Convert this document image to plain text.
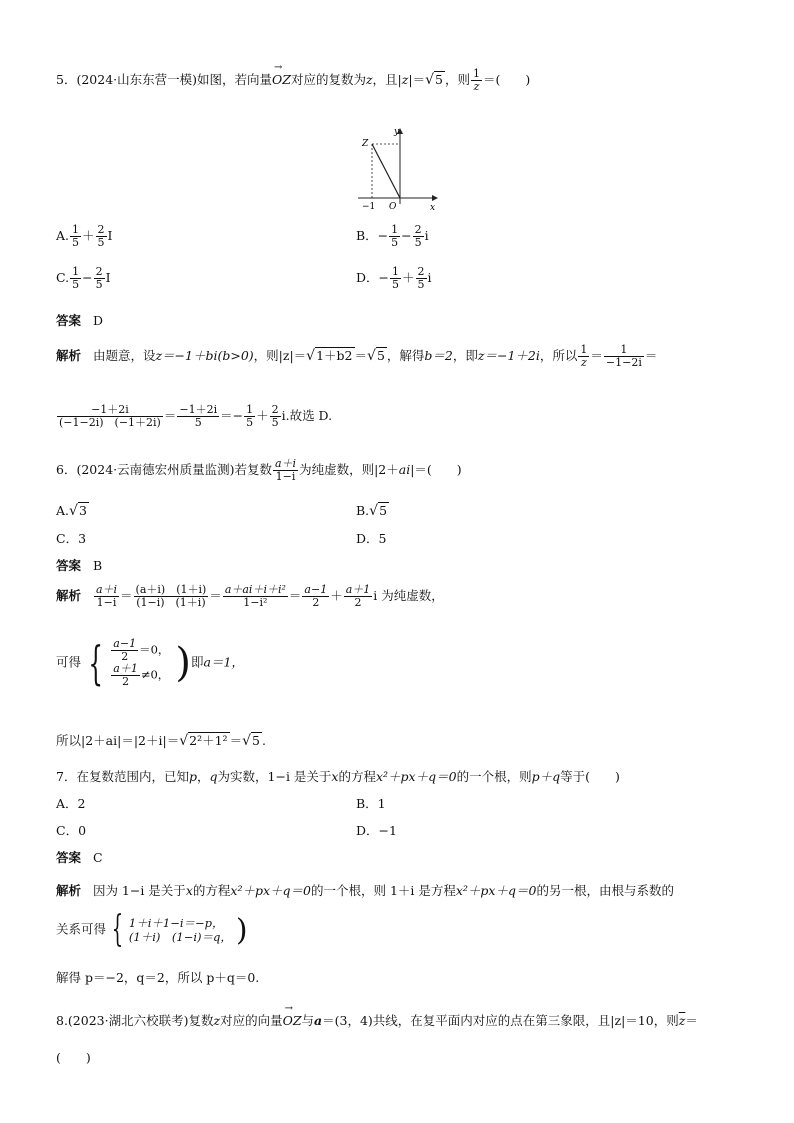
5．(2024·山东东营一模)如图，若向量
→
OZ对应的复数为z，且|z|＝√5 ，则 $\frac{1}{z}$ ＝(　　)
y
x
Z
O
−1
A. $\frac{1}{5} + \frac{2}{5}$ I	B．− $\frac{1}{5} - \frac{2}{5}$ i
C. $\frac{1}{5} - \frac{2}{5}$ I	D．− $\frac{1}{5} + \frac{2}{5}$ i
答案 D
解析 由题意，设z＝−1＋bi(b>0)，则|z|＝√1＋b2 ＝√5 ，解得b＝2，即z＝−1＋2i，所以 $\frac{1}{z} = \frac{1}{-1-2i}$ ＝
$\frac{-1+2i}{(-1-2i) (-1+2i)} = \frac{-1+2i}{5} =- \frac{1}{5} + \frac{2}{5} i$.故选 D.
6．(2024·云南德宏州质量监测)若复数 $\frac{a+i}{1-i}$ 为纯虚数，则|2＋ai|＝(　　)
A.√3	B.√5
C．3	D．5
答案 B
解析 $\frac{a+i}{1-i} = \frac{(a+i) (1+i)}{(1-i) (1+i)} = \frac{\text{a＋ai＋i＋i²}}{\text{1−i²}} = \frac{a-1}{2} + \frac{a+1}{2}$ i 为纯虚数，
可得 { $\frac{a-1}{2} =0$，
$\frac{a+1}{2} \ne 0$， )即a＝1，
所以|2＋ai|＝|2＋i|＝√2²＋1² ＝√5 .
7．在复数范围内，已知p，q为实数，1−i 是关于x的方程x²＋px＋q＝0的一个根，则p＋q等于(　　)
A．2	B．1
C．0	D．−1
答案 C
解析 因为 1−i 是关于x的方程x²＋px＋q＝0的一个根，则 1＋i 是方程x²＋px＋q＝0的另一根，由根与系数的
关系可得 { 1＋i＋1−i＝−p，
(1＋i)　(1−i)＝q， )
解得 p＝−2，q＝2，所以 p＋q＝0.
8.(2023·湖北六校联考)复数z对应的向量
→
OZ与a＝(3，4)共线，在复平面内对应的点在第三象限，且|z|＝10，则$\overline{z}=$
(　　)
